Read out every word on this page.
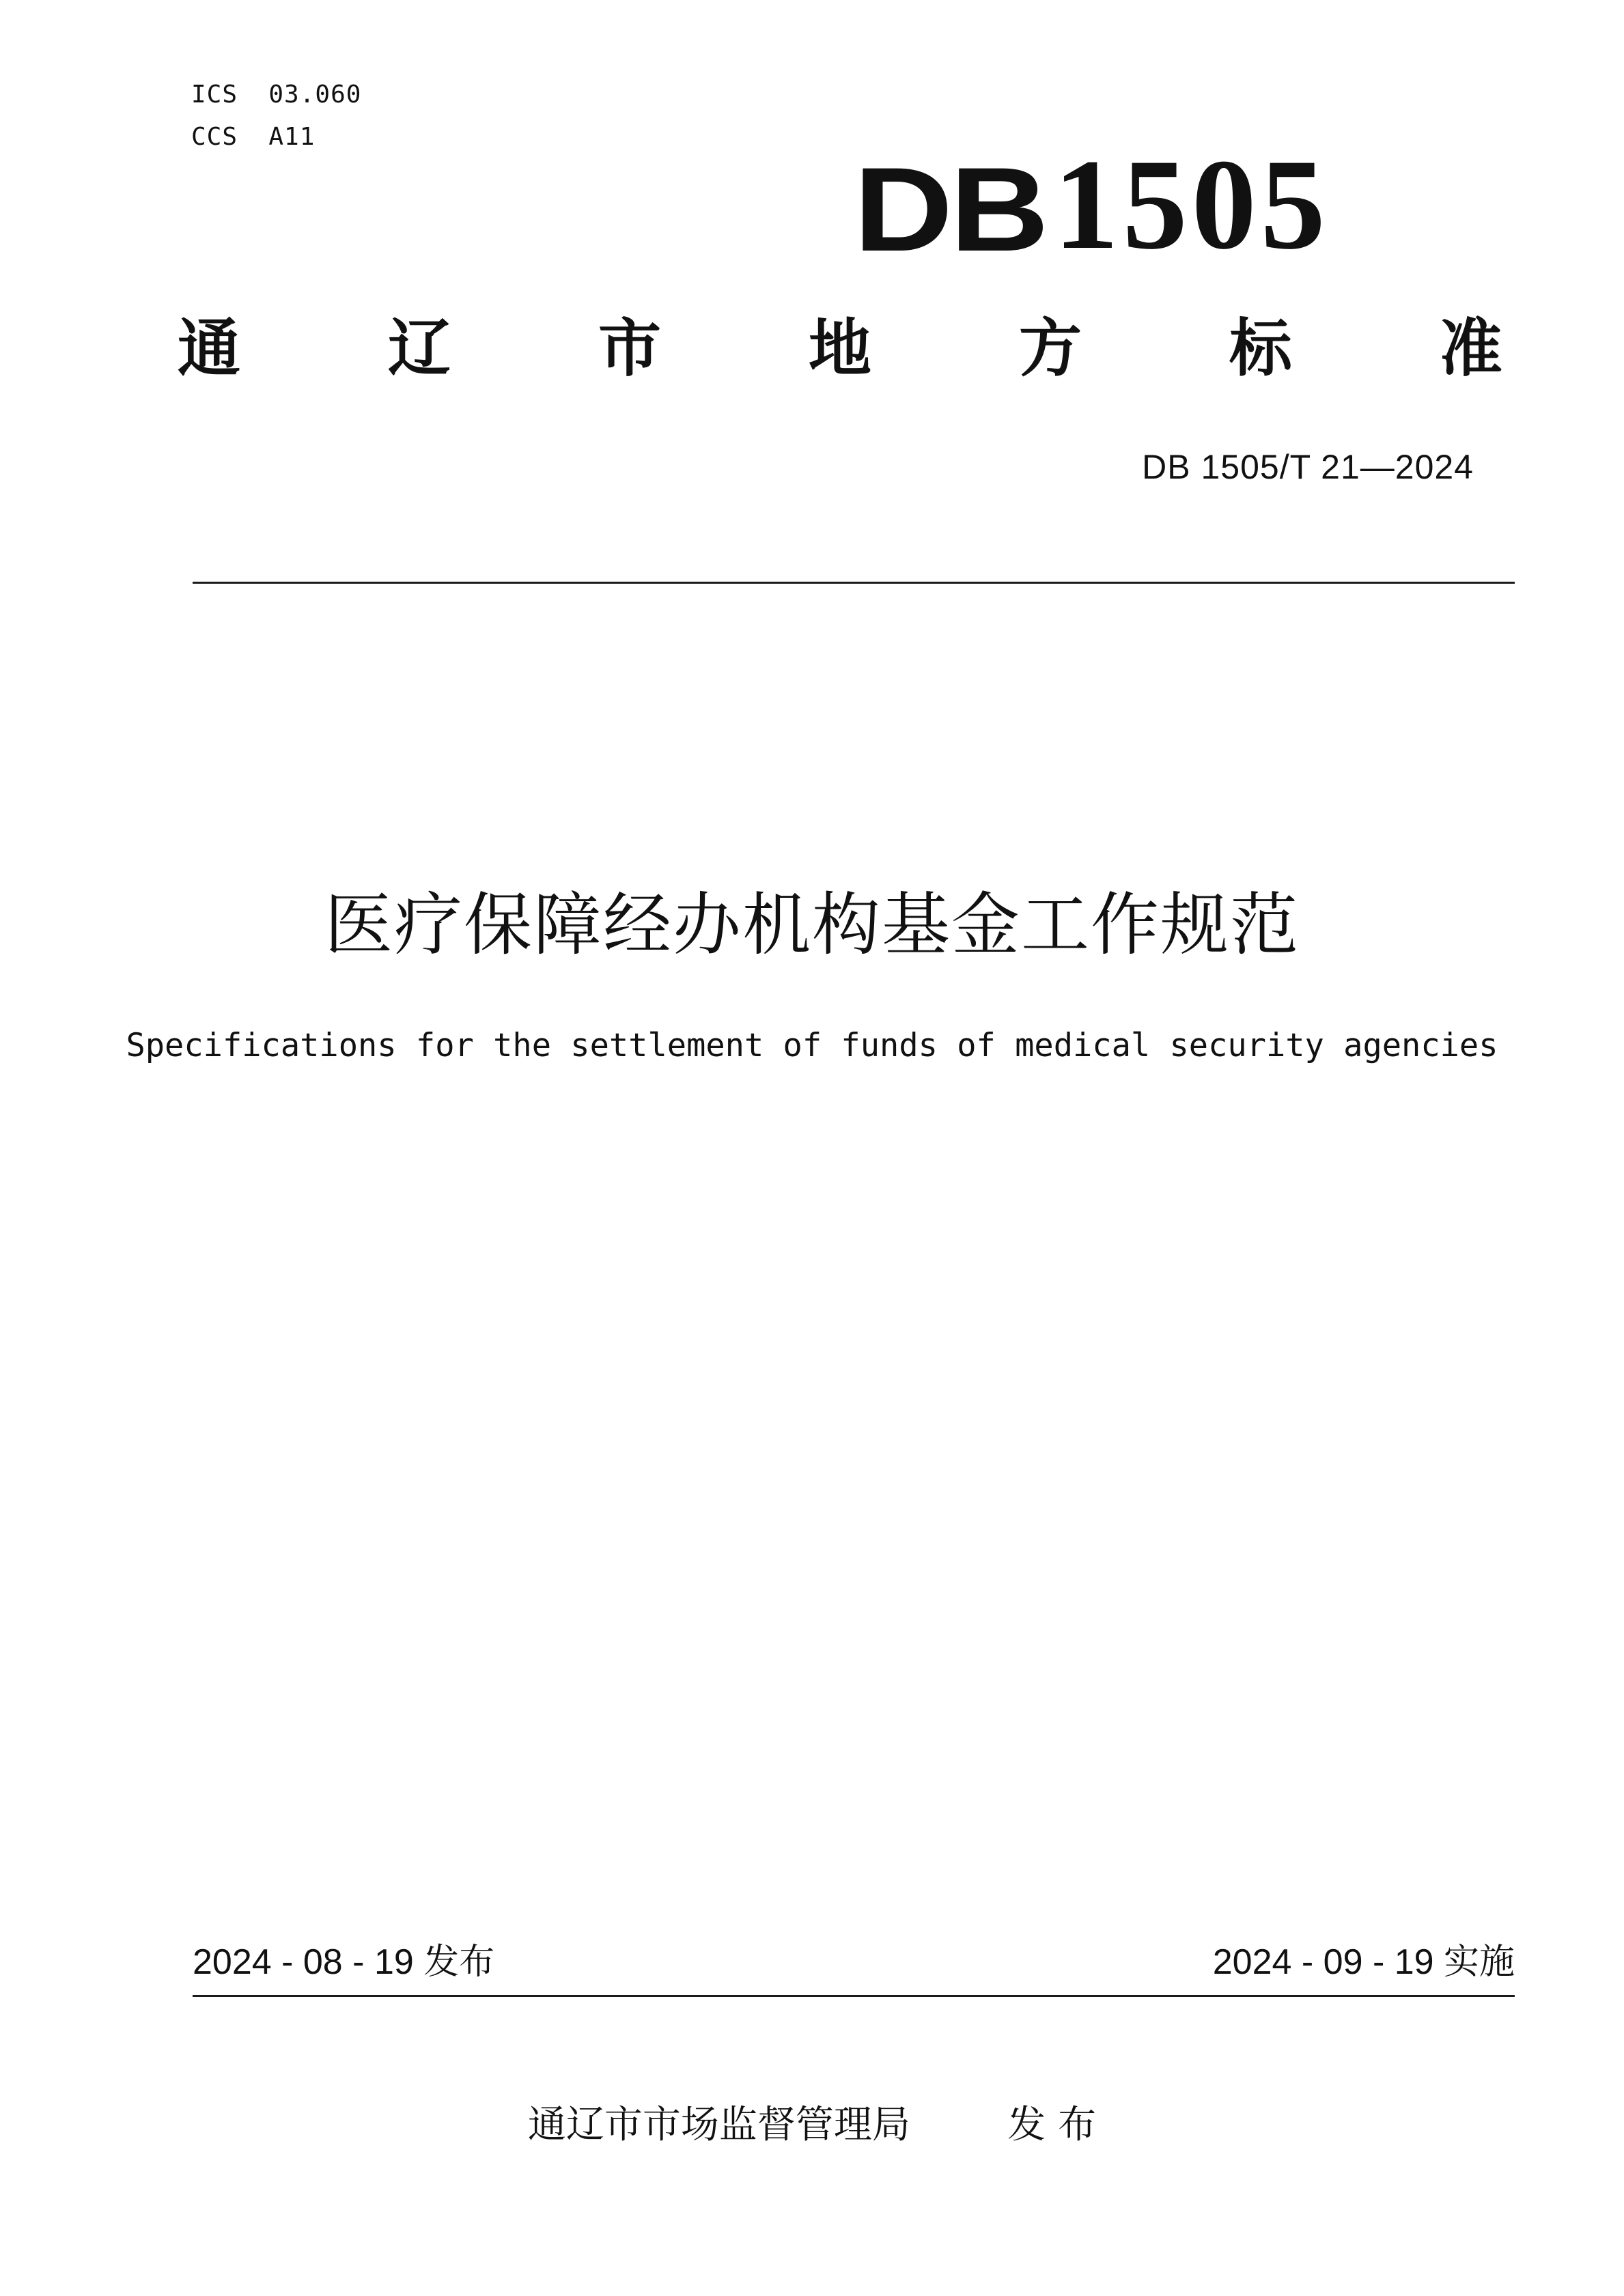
ICS  03.060
CCS  A11
DB 1505
通 辽 市 地 方 标 准
DB 1505/T 21—2024
医疗保障经办机构基金工作规范
Specifications for the settlement of funds of medical security agencies
2024 - 08 - 19 发布	2024 - 09 - 19 实施
通辽市市场监督管理局	发 布
